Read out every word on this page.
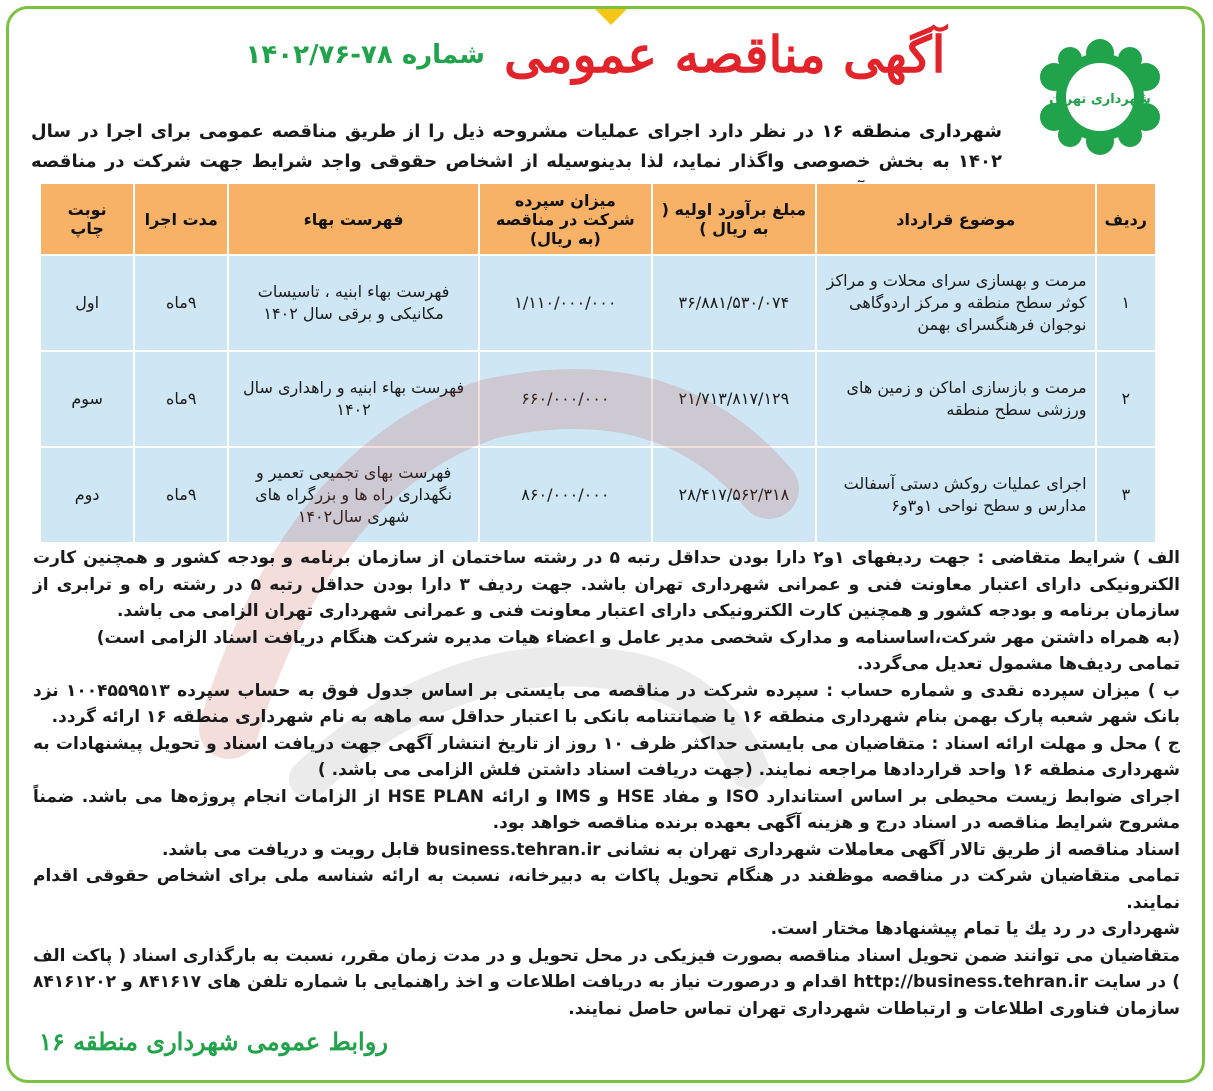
شهرداری تهران
آگهی مناقصه عمومی شماره ۷۸-۱۴۰۲/۷۶
شهرداری منطقه ۱۶ در نظر دارد اجرای عملیات مشروحه ذیل را از طریق مناقصه عمومی برای اجرا در سال ۱۴۰۲ به بخش خصوصی واگذار نماید، لذا بدینوسیله از اشخاص حقوقی واجد شرایط جهت شرکت در مناقصه
ردیف	موضوع قرارداد	مبلغ برآورد اولیه ( به ریال )	میزان سپرده شرکت در مناقصه (به ریال)	فهرست بهاء	مدت اجرا	نوبت چاپ
۱	مرمت و بهسازی سرای محلات و مراکز کوثر سطح منطقه و مرکز اردوگاهی نوجوان فرهنگسرای بهمن	۳۶/۸۸۱/۵۳۰/۰۷۴	۱/۱۱۰/۰۰۰/۰۰۰	فهرست بهاء ابنیه ، تاسیسات مکانیکی و برقی سال ۱۴۰۲	۹ماه	اول
۲	مرمت و بازسازی اماکن و زمین های ورزشی سطح منطقه	۲۱/۷۱۳/۸۱۷/۱۲۹	۶۶۰/۰۰۰/۰۰۰	فهرست بهاء ابنیه و راهداری سال ۱۴۰۲	۹ماه	سوم
۳	اجرای عملیات روکش دستی آسفالت مدارس و سطح نواحی ۱و۳و۶	۲۸/۴۱۷/۵۶۲/۳۱۸	۸۶۰/۰۰۰/۰۰۰	فهرست بهای تجمیعی تعمیر و نگهداری راه ها و بزرگراه های شهری سال۱۴۰۲	۹ماه	دوم

الف ) شرایط متقاضی : جهت ردیفهای ۱و۲ دارا بودن حداقل رتبه ۵ در رشته ساختمان از سازمان برنامه و بودجه کشور و همچنین کارت الکترونیکی دارای اعتبار معاونت فنی و عمرانی شهرداری تهران باشد. جهت ردیف ۳ دارا بودن حداقل رتبه ۵ در رشته راه و ترابری از سازمان برنامه و بودجه کشور و همچنین کارت الکترونیکی دارای اعتبار معاونت فنی و عمرانی شهرداری تهران الزامی می باشد.

(به همراه داشتن مهر شرکت،اساسنامه و مدارک شخصی مدیر عامل و اعضاء هیات مدیره شرکت هنگام دریافت اسناد الزامی است)

تمامی ردیف‌ها مشمول تعدیل می‌گردد.

ب ) میزان سپرده نقدی و شماره حساب : سپرده شرکت در مناقصه می بایستی بر اساس جدول فوق به حساب سپرده ۱۰۰۴۵۵۹۵۱۳ نزد بانک شهر شعبه پارک بهمن بنام شهرداری منطقه ۱۶ یا ضمانتنامه بانکی با اعتبار حداقل سه ماهه به نام شهرداری منطقه ۱۶ ارائه گردد.

ج ) محل و مهلت ارائه اسناد : متقاضیان می بایستی حداکثر ظرف ۱۰ روز از تاریخ انتشار آگهی جهت دریافت اسناد و تحویل پیشنهادات به شهرداری منطقه ۱۶ واحد قراردادها مراجعه نمایند. (جهت دریافت اسناد داشتن فلش الزامی می باشد. )

اجرای ضوابط زیست محیطی بر اساس استاندارد ISO و مفاد HSE و IMS و ارائه HSE PLAN از الزامات انجام پروژه‌ها می باشد. ضمناً مشروح شرایط مناقصه در اسناد درج و هزینه آگهی بعهده برنده مناقصه خواهد بود.

اسناد مناقصه از طریق تالار آگهی معاملات شهرداری تهران به نشانی business.tehran.ir قابل رویت و دریافت می باشد.

تمامی متقاضیان شرکت در مناقصه موظفند در هنگام تحویل پاکات به دبیرخانه، نسبت به ارائه شناسه ملی برای اشخاص حقوقی اقدام نمایند.

شهرداری در رد یك یا تمام پیشنهادها مختار است.

متقاضیان می توانند ضمن تحویل اسناد مناقصه بصورت فیزیکی در محل تحویل و در مدت زمان مقرر، نسبت به بارگذاری اسناد ( پاکت الف ) در سایت http://business.tehran.ir اقدام و درصورت نیاز به دریافت اطلاعات و اخذ راهنمایی با شماره تلفن های ۸۴۱۶۱۷ و ۸۴۱۶۱۲۰۲ سازمان فناوری اطلاعات و ارتباطات شهرداری تهران تماس حاصل نمایند.

روابط عمومی شهرداری منطقه ۱۶
